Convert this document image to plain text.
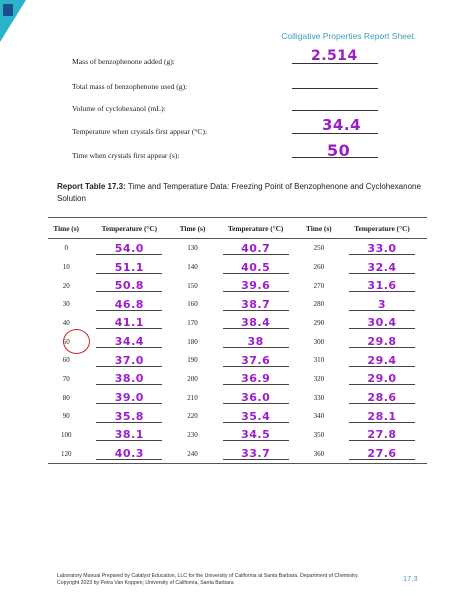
Colligative Properties Report Sheet
Mass of benzophenone added (g):	2.514
Total mass of benzophenone used (g):
Volume of cyclohexanol (mL):
Temperature when crystals first appear (°C):	34.4
Time when crystals first appear (s):	50
Report Table 17.3: Time and Temperature Data: Freezing Point of Benzophenone and Cyclohexanone Solution
Time (s)	Temperature (°C)	Time (s)	Temperature (°C)	Time (s)	Temperature (°C)
0	54.0	130	40.7	250	33.0

10	51.1	140	40.5	260	32.4

20	50.8	150	39.6	270	31.6

30	46.8	160	38.7	280	3

40	41.1	170	38.4	290	30.4

50	34.4	180	38	300	29.8

60	37.0	190	37.6	310	29.4

70	38.0	200	36.9	320	29.0

80	39.0	210	36.0	330	28.6

90	35.8	220	35.4	340	28.1

100	38.1	230	34.5	350	27.8

120	40.3	240	33.7	360	27.6
Laboratory Manual Prepared by Catalyst Education, LLC for the University of California at Santa Barbara, Department of Chemistry.
Copyright 2023 by Petra Van Koppen; University of California, Santa Barbara	17.3
